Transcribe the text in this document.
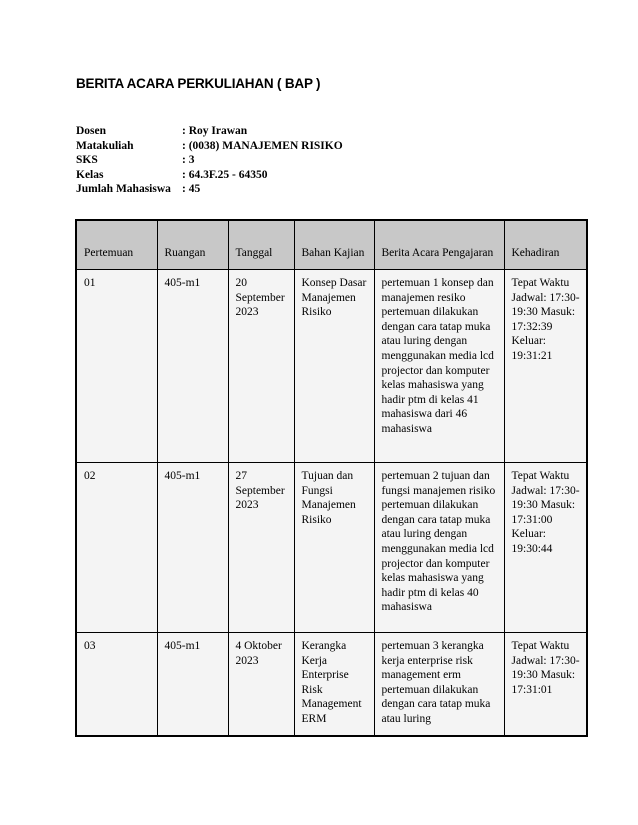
BERITA ACARA PERKULIAHAN ( BAP )
Dosen	: Roy Irawan
Matakuliah	: (0038) MANAJEMEN RISIKO
SKS	: 3
Kelas	: 64.3F.25 - 64350
Jumlah Mahasiswa : 45
Pertemuan	Ruangan	Tanggal	Bahan Kajian	Berita Acara Pengajaran	Kehadiran
01	405-m1	20 September 2023	Konsep Dasar Manajemen Risiko	pertemuan 1 konsep dan manajemen resiko pertemuan dilakukan dengan cara tatap muka atau luring dengan menggunakan media lcd projector dan komputer kelas mahasiswa yang hadir ptm di kelas 41 mahasiswa dari 46 mahasiswa	Tepat Waktu Jadwal: 17:30-19:30 Masuk: 17:32:39 Keluar: 19:31:21
02	405-m1	27 September 2023	Tujuan dan Fungsi Manajemen Risiko	pertemuan 2 tujuan dan fungsi manajemen risiko pertemuan dilakukan dengan cara tatap muka atau luring dengan menggunakan media lcd projector dan komputer kelas mahasiswa yang hadir ptm di kelas 40 mahasiswa	Tepat Waktu Jadwal: 17:30-19:30 Masuk: 17:31:00 Keluar: 19:30:44
03	405-m1	4 Oktober 2023	Kerangka Kerja Enterprise Risk Management ERM	pertemuan 3 kerangka kerja enterprise risk management erm pertemuan dilakukan dengan cara tatap muka atau luring	Tepat Waktu Jadwal: 17:30-19:30 Masuk: 17:31:01
